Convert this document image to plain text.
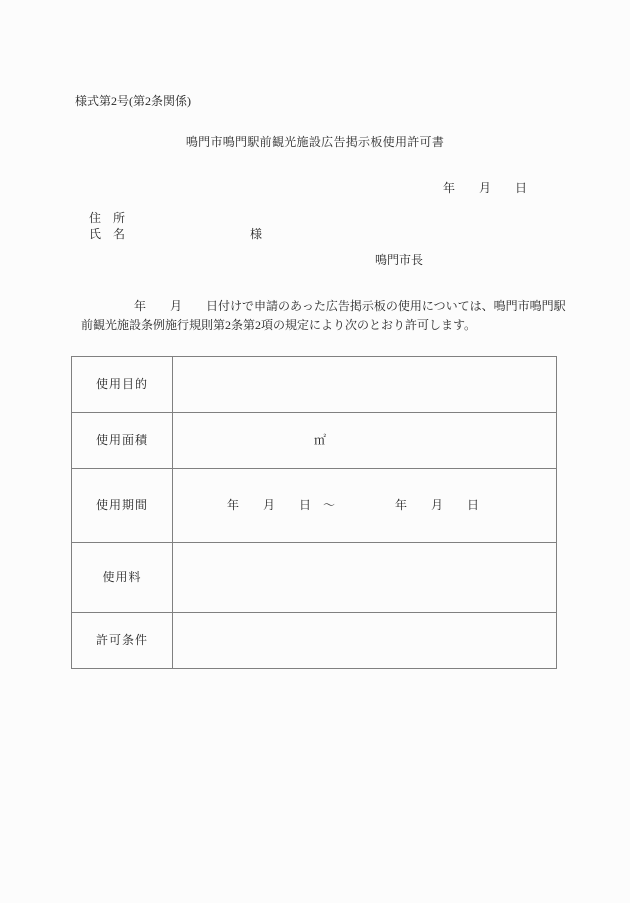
様式第2号(第2条関係)
鳴門市鳴門駅前観光施設広告掲示板使用許可書
年　　月　　日
住　所
氏　名	様
鳴門市長
年　　月　　日付けで申請のあった広告掲示板の使用については、鳴門市鳴門駅
前観光施設条例施行規則第2条第2項の規定により次のとおり許可します。
使用目的	
使用面積	㎡
使用期間	年　　月　　日　〜　　　　　年　　月　　日
使用料	
許可条件	
